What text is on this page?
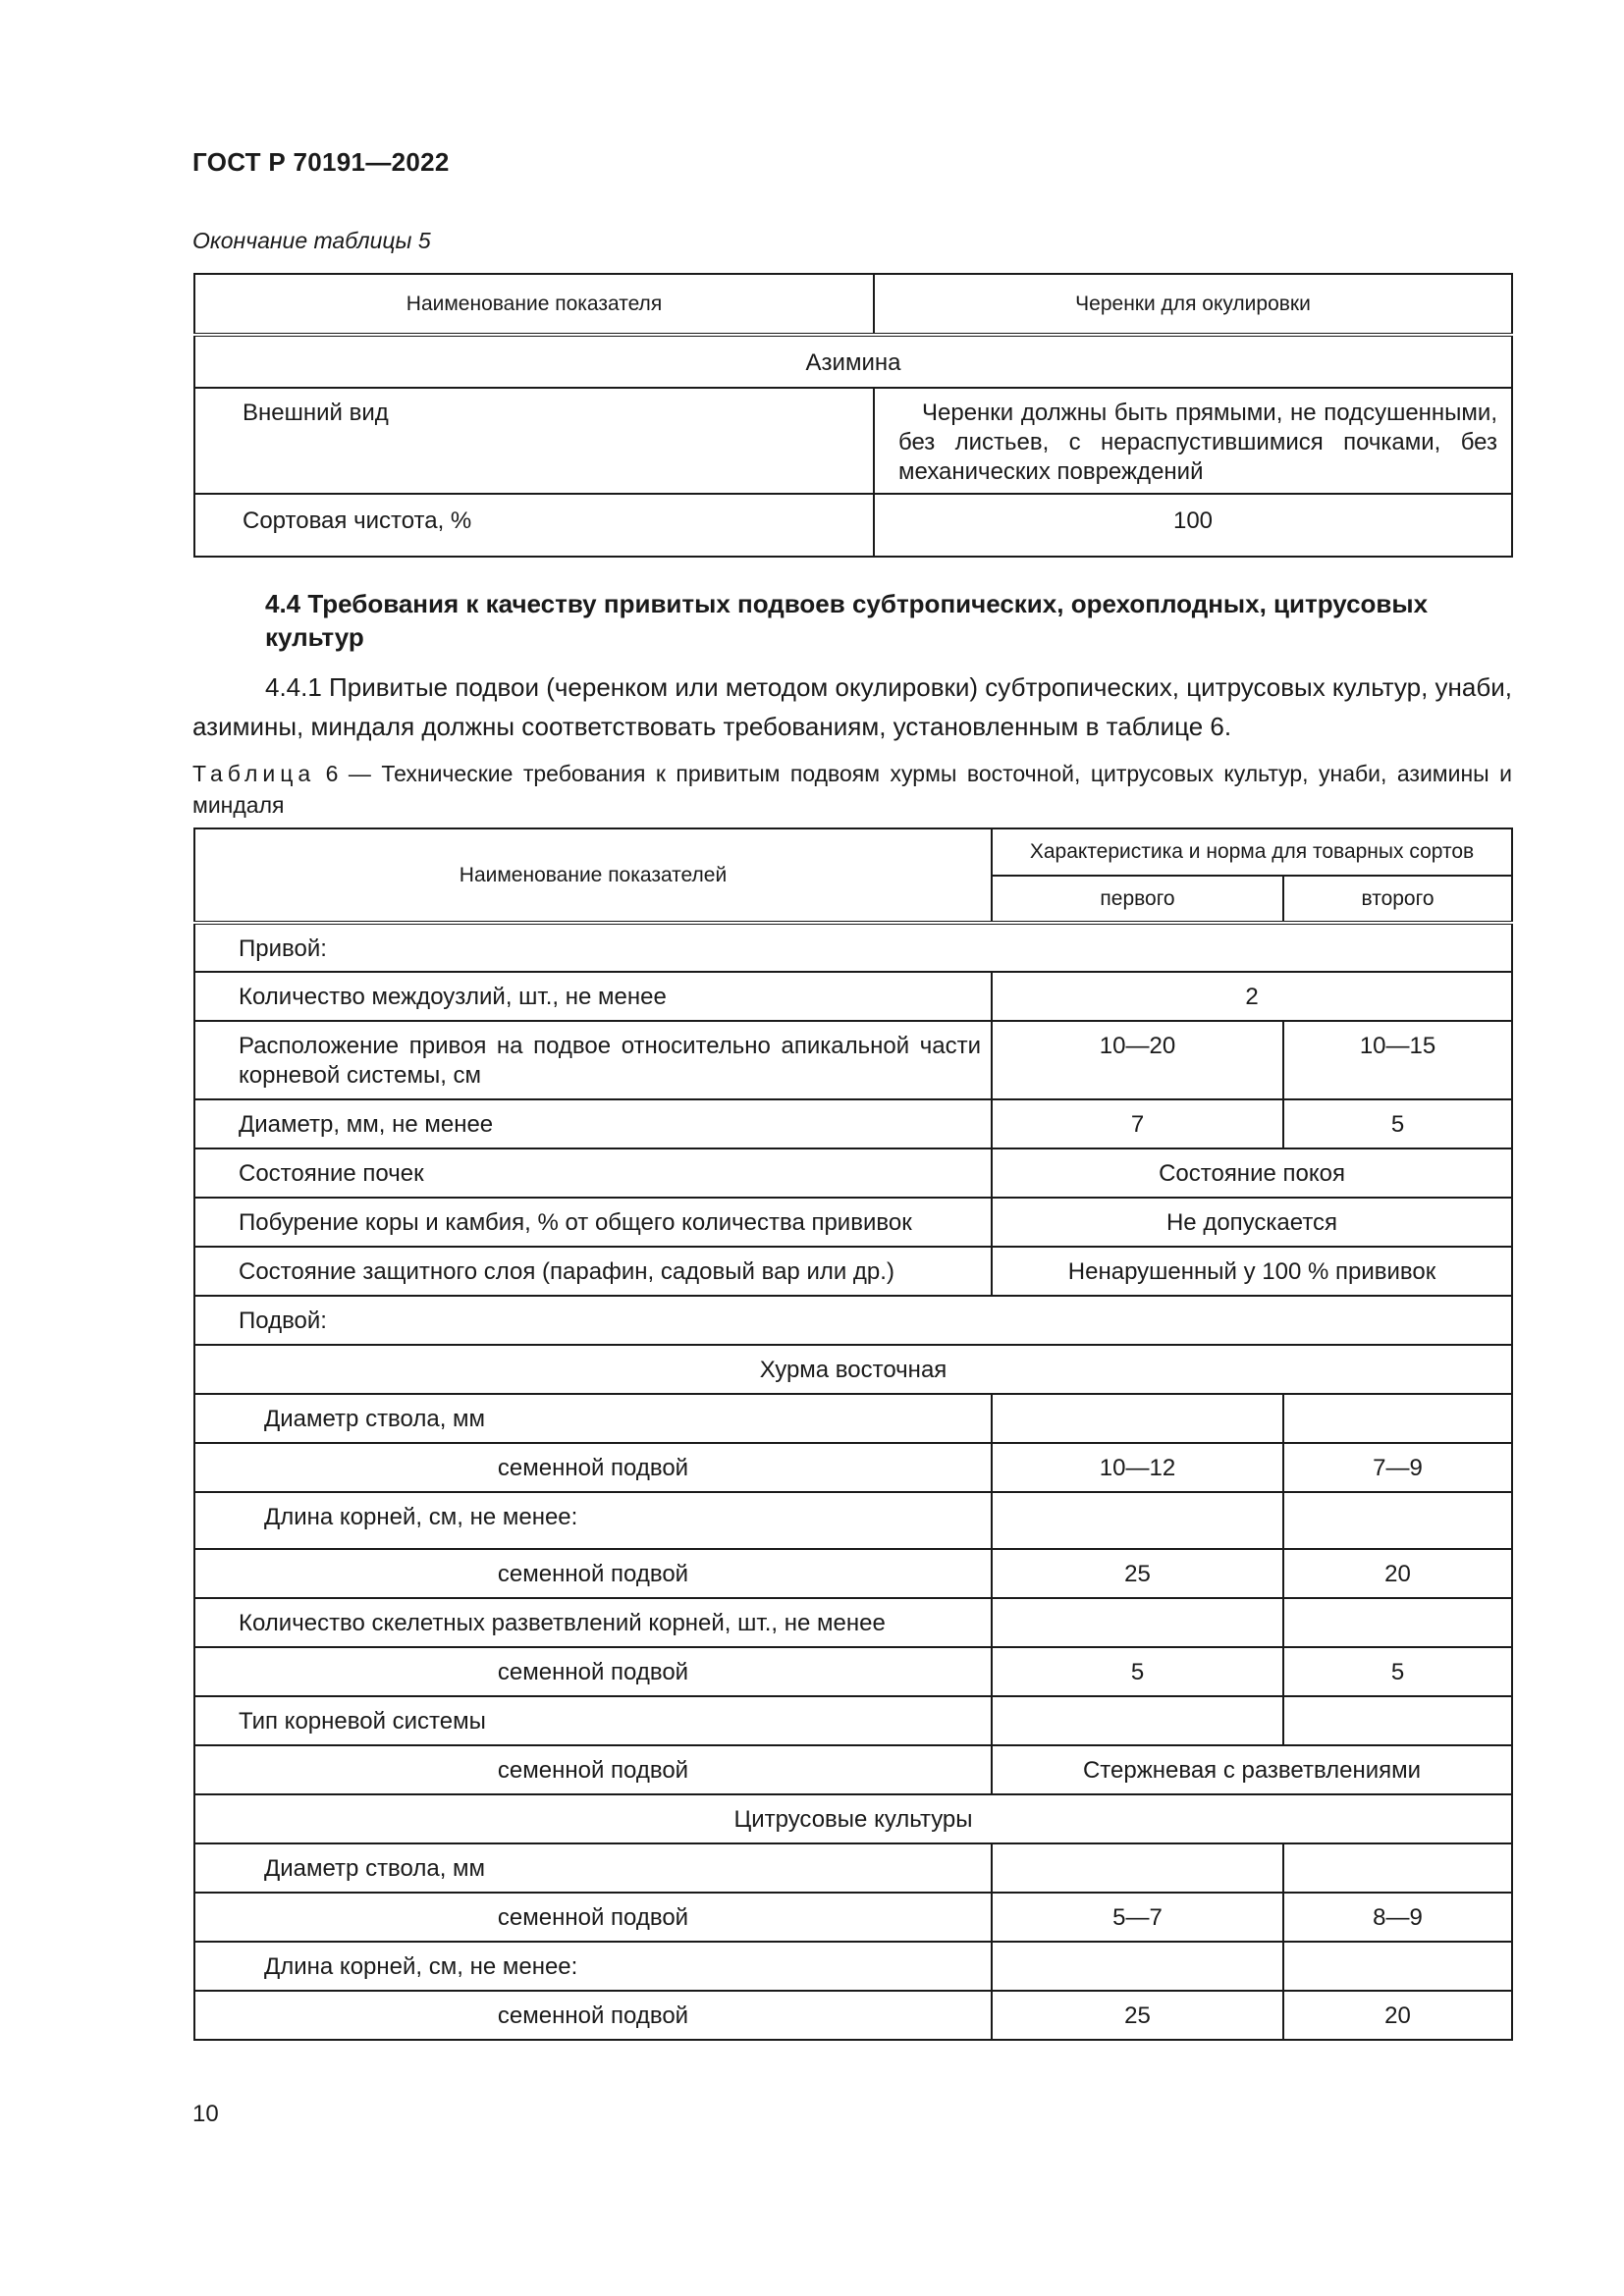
ГОСТ Р 70191—2022
Окончание таблицы 5
Наименование показателя	Черенки для окулировки
Азимина	
Внешний вид	Черенки должны быть прямыми, не подсушенными, без листьев, с нераспустившимися почками, без механических повреждений
Сортовая чистота, %	100
4.4 Требования к качеству привитых подвоев субтропических, орехоплодных, цитрусовых культур
4.4.1 Привитые подвои (черенком или методом окулировки) субтропических, цитрусовых культур, унаби, азимины, миндаля должны соответствовать требованиям, установленным в таблице 6.
Таблица 6 — Технические требования к привитым подвоям хурмы восточной, цитрусовых культур, унаби, азимины и миндаля
Наименование показателей	Характеристика и норма для товарных сортов	
	первого	второго
Привой:		
Количество междоузлий, шт., не менее	2	
Расположение привоя на подвое относительно апикальной части корневой системы, см	10—20	10—15
Диаметр, мм, не менее	7	5
Состояние почек	Состояние покоя	
Побурение коры и камбия, % от общего количества прививок	Не допускается	
Состояние защитного слоя (парафин, садовый вар или др.)	Ненарушенный у 100 % прививок	
Подвой:		
Хурма восточная		
Диаметр ствола, мм		
семенной подвой	10—12	7—9
Длина корней, см, не менее:		
семенной подвой	25	20
Количество скелетных разветвлений корней, шт., не менее		
семенной подвой	5	5
Тип корневой системы		
семенной подвой	Стержневая с разветвлениями	
Цитрусовые культуры		
Диаметр ствола, мм		
семенной подвой	5—7	8—9
Длина корней, см, не менее:		
семенной подвой	25	20
10
